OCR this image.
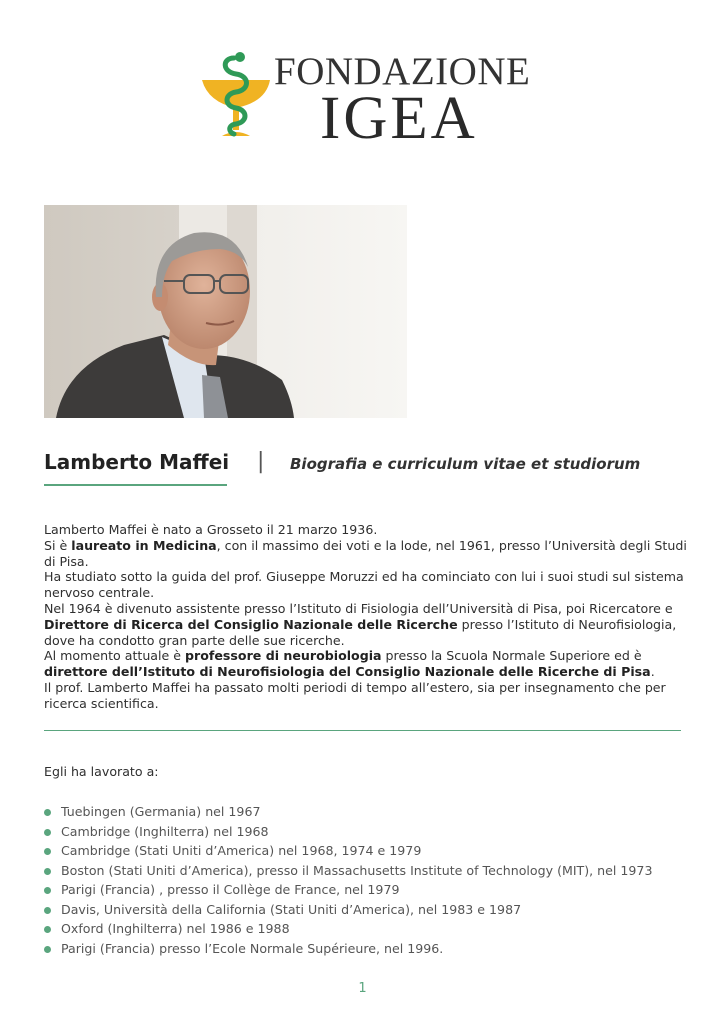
FONDAZIONE
IGEA
Lamberto Maffei | Biografia e curriculum vitae et studiorum

Lamberto Maffei è nato a Grosseto il 21 marzo 1936.

Si è laureato in Medicina, con il massimo dei voti e la lode, nel 1961, presso l’Università degli Studi di Pisa.

Ha studiato sotto la guida del prof. Giuseppe Moruzzi ed ha cominciato con lui i suoi studi sul sistema nervoso centrale.

Nel 1964 è divenuto assistente presso l’Istituto di Fisiologia dell’Università di Pisa, poi Ricercatore e Direttore di Ricerca del Consiglio Nazionale delle Ricerche presso l’Istituto di Neurofisiologia, dove ha condotto gran parte delle sue ricerche.

Al momento attuale è professore di neurobiologia presso la Scuola Normale Superiore ed è direttore dell’Istituto di Neurofisiologia del Consiglio Nazionale delle Ricerche di Pisa.

Il prof. Lamberto Maffei ha passato molti periodi di tempo all’estero, sia per insegnamento che per ricerca scientifica.

Egli ha lavorato a:
Tuebingen (Germania) nel 1967
Cambridge (Inghilterra) nel 1968
Cambridge (Stati Uniti d’America) nel 1968, 1974 e 1979
Boston (Stati Uniti d’America), presso il Massachusetts Institute of Technology (MIT), nel 1973
Parigi (Francia) , presso il Collège de France, nel 1979
Davis, Università della California (Stati Uniti d’America), nel 1983 e 1987
Oxford (Inghilterra) nel 1986 e 1988
Parigi (Francia) presso l’Ecole Normale Supérieure, nel 1996.
1
